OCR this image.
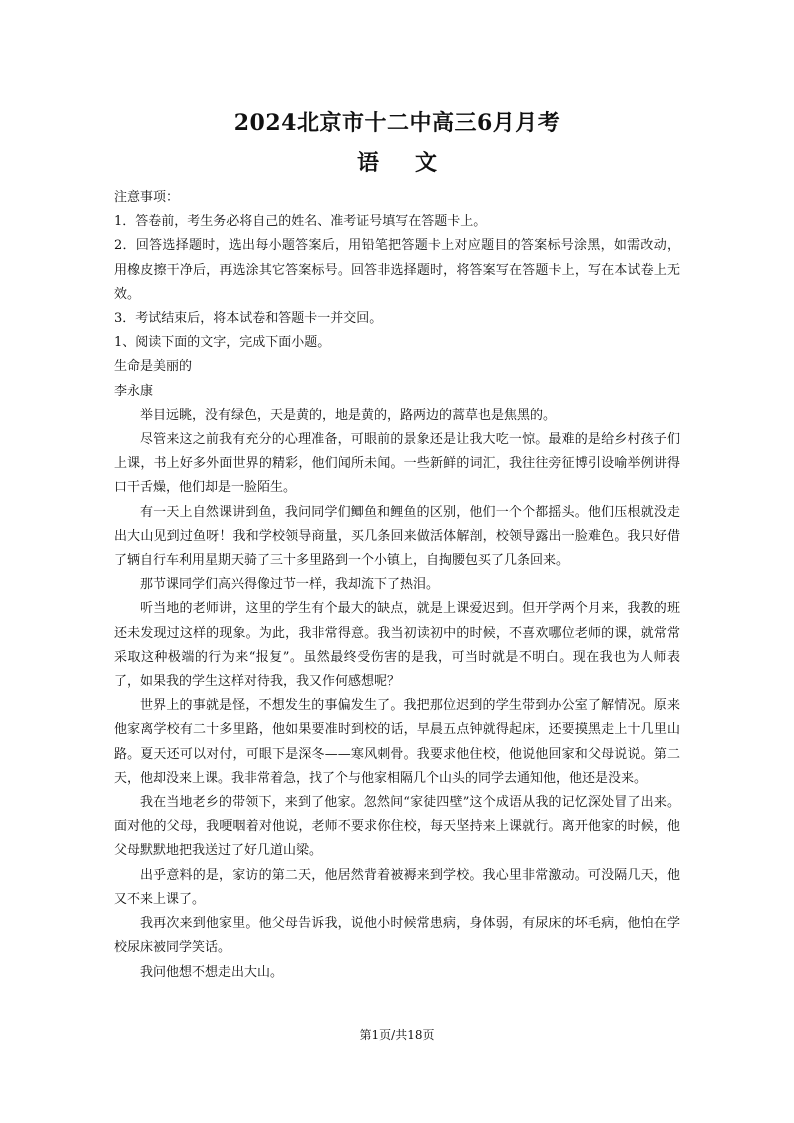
2024北京市十二中高三6月月考
语文

注意事项：

1．答卷前，考生务必将自己的姓名、准考证号填写在答题卡上。

2．回答选择题时，选出每小题答案后，用铅笔把答题卡上对应题目的答案标号涂黑，如需改动，用橡皮擦干净后，再选涂其它答案标号。回答非选择题时，将答案写在答题卡上，写在本试卷上无效。

3．考试结束后，将本试卷和答题卡一并交回。

1、阅读下面的文字，完成下面小题。

生命是美丽的

李永康

举目远眺，没有绿色，天是黄的，地是黄的，路两边的蒿草也是焦黑的。

尽管来这之前我有充分的心理准备，可眼前的景象还是让我大吃一惊。最难的是给乡村孩子们上课，书上好多外面世界的精彩，他们闻所未闻。一些新鲜的词汇，我往往旁征博引设喻举例讲得口干舌燥，他们却是一脸陌生。

有一天上自然课讲到鱼，我问同学们鲫鱼和鲤鱼的区别，他们一个个都摇头。他们压根就没走出大山见到过鱼呀！我和学校领导商量，买几条回来做活体解剖，校领导露出一脸难色。我只好借了辆自行车利用星期天骑了三十多里路到一个小镇上，自掏腰包买了几条回来。

那节课同学们高兴得像过节一样，我却流下了热泪。

听当地的老师讲，这里的学生有个最大的缺点，就是上课爱迟到。但开学两个月来，我教的班还未发现过这样的现象。为此，我非常得意。我当初读初中的时候，不喜欢哪位老师的课，就常常采取这种极端的行为来“报复”。虽然最终受伤害的是我，可当时就是不明白。现在我也为人师表了，如果我的学生这样对待我，我又作何感想呢？

世界上的事就是怪，不想发生的事偏发生了。我把那位迟到的学生带到办公室了解情况。原来他家离学校有二十多里路，他如果要准时到校的话，早晨五点钟就得起床，还要摸黑走上十几里山路。夏天还可以对付，可眼下是深冬——寒风刺骨。我要求他住校，他说他回家和父母说说。第二天，他却没来上课。我非常着急，找了个与他家相隔几个山头的同学去通知他，他还是没来。

我在当地老乡的带领下，来到了他家。忽然间“家徒四壁”这个成语从我的记忆深处冒了出来。面对他的父母，我哽咽着对他说，老师不要求你住校，每天坚持来上课就行。离开他家的时候，他父母默默地把我送过了好几道山梁。

出乎意料的是，家访的第二天，他居然背着被褥来到学校。我心里非常激动。可没隔几天，他又不来上课了。

我再次来到他家里。他父母告诉我，说他小时候常患病，身体弱，有尿床的坏毛病，他怕在学校尿床被同学笑话。

我问他想不想走出大山。

第1页/共18页
